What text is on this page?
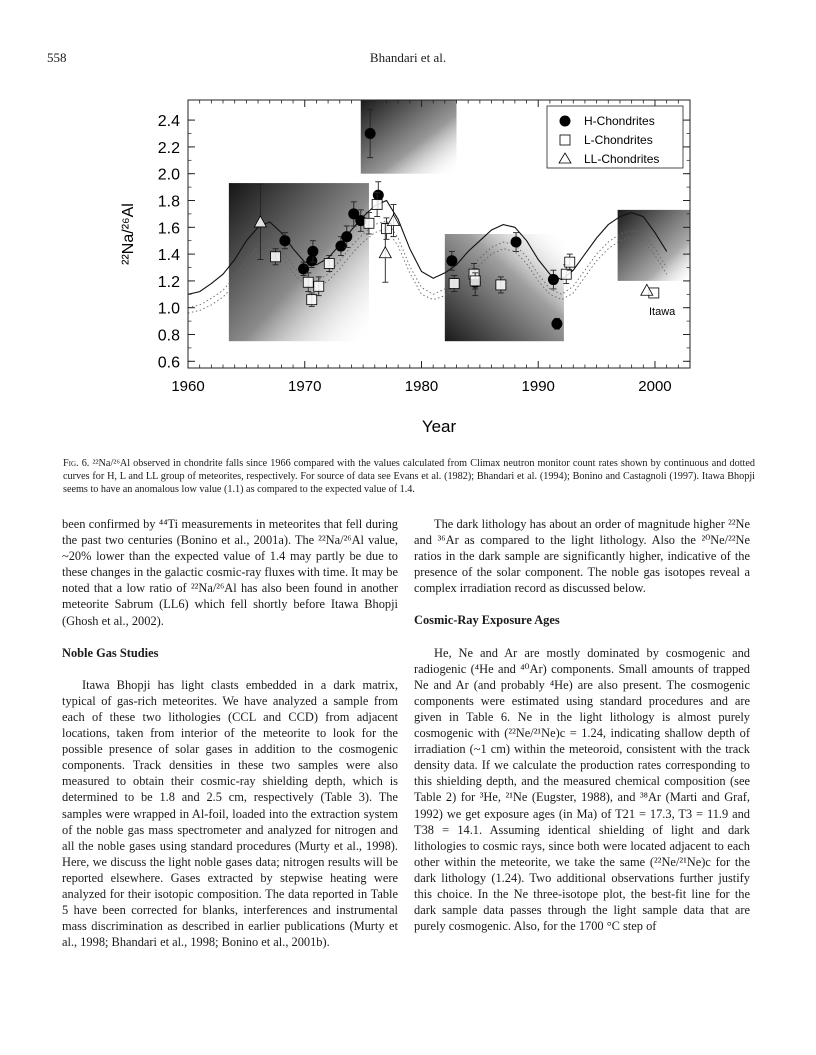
558	Bhandari et al.
1960	1970	1980	1990	2000
0.6
0.8
1.0
1.2
1.4
1.6
1.8
2.0
2.2
2.4	H-Chondrites
L-Chondrites
LL-Chondrites
Itawa
Year
²²Na/²⁶Al
Fig. 6. ²²Na/²⁶Al observed in chondrite falls since 1966 compared with the values calculated from Climax neutron monitor count rates shown by continuous and dotted curves for H, L and LL group of meteorites, respectively. For source of data see Evans et al. (1982); Bhandari et al. (1994); Bonino and Castagnoli (1997). Itawa Bhopji seems to have an anomalous low value (1.1) as compared to the expected value of 1.4.

been confirmed by ⁴⁴Ti measurements in meteorites that fell during the past two centuries (Bonino et al., 2001a). The ²²Na/²⁶Al value, ~20% lower than the expected value of 1.4 may partly be due to these changes in the galactic cosmic-ray fluxes with time. It may be noted that a low ratio of ²²Na/²⁶Al has also been found in another meteorite Sabrum (LL6) which fell shortly before Itawa Bhopji (Ghosh et al., 2002).

Noble Gas Studies

Itawa Bhopji has light clasts embedded in a dark matrix, typical of gas-rich meteorites. We have analyzed a sample from each of these two lithologies (CCL and CCD) from adjacent locations, taken from interior of the meteorite to look for the possible presence of solar gases in addition to the cosmogenic components. Track densities in these two samples were also measured to obtain their cosmic-ray shielding depth, which is determined to be 1.8 and 2.5 cm, respectively (Table 3). The samples were wrapped in Al-foil, loaded into the extraction system of the noble gas mass spectrometer and analyzed for nitrogen and all the noble gases using standard procedures (Murty et al., 1998). Here, we discuss the light noble gases data; nitrogen results will be reported elsewhere. Gases extracted by stepwise heating were analyzed for their isotopic composition. The data reported in Table 5 have been corrected for blanks, interferences and instrumental mass discrimination as described in earlier publications (Murty et al., 1998; Bhandari et al., 1998; Bonino et al., 2001b).

The dark lithology has about an order of magnitude higher ²²Ne and ³⁶Ar as compared to the light lithology. Also the ²⁰Ne/²²Ne ratios in the dark sample are significantly higher, indicative of the presence of the solar component. The noble gas isotopes reveal a complex irradiation record as discussed below.

Cosmic-Ray Exposure Ages

He, Ne and Ar are mostly dominated by cosmogenic and radiogenic (⁴He and ⁴⁰Ar) components. Small amounts of trapped Ne and Ar (and probably ⁴He) are also present. The cosmogenic components were estimated using standard procedures and are given in Table 6. Ne in the light lithology is almost purely cosmogenic with (²²Ne/²¹Ne)c = 1.24, indicating shallow depth of irradiation (~1 cm) within the meteoroid, consistent with the track density data. If we calculate the production rates corresponding to this shielding depth, and the measured chemical composition (see Table 2) for ³He, ²¹Ne (Eugster, 1988), and ³⁸Ar (Marti and Graf, 1992) we get exposure ages (in Ma) of T21 = 17.3, T3 = 11.9 and T38 = 14.1. Assuming identical shielding of light and dark lithologies to cosmic rays, since both were located adjacent to each other within the meteorite, we take the same (²²Ne/²¹Ne)c for the dark lithology (1.24). Two additional observations further justify this choice. In the Ne three-isotope plot, the best-fit line for the dark sample data passes through the light sample data that are purely cosmogenic. Also, for the 1700 °C step of
